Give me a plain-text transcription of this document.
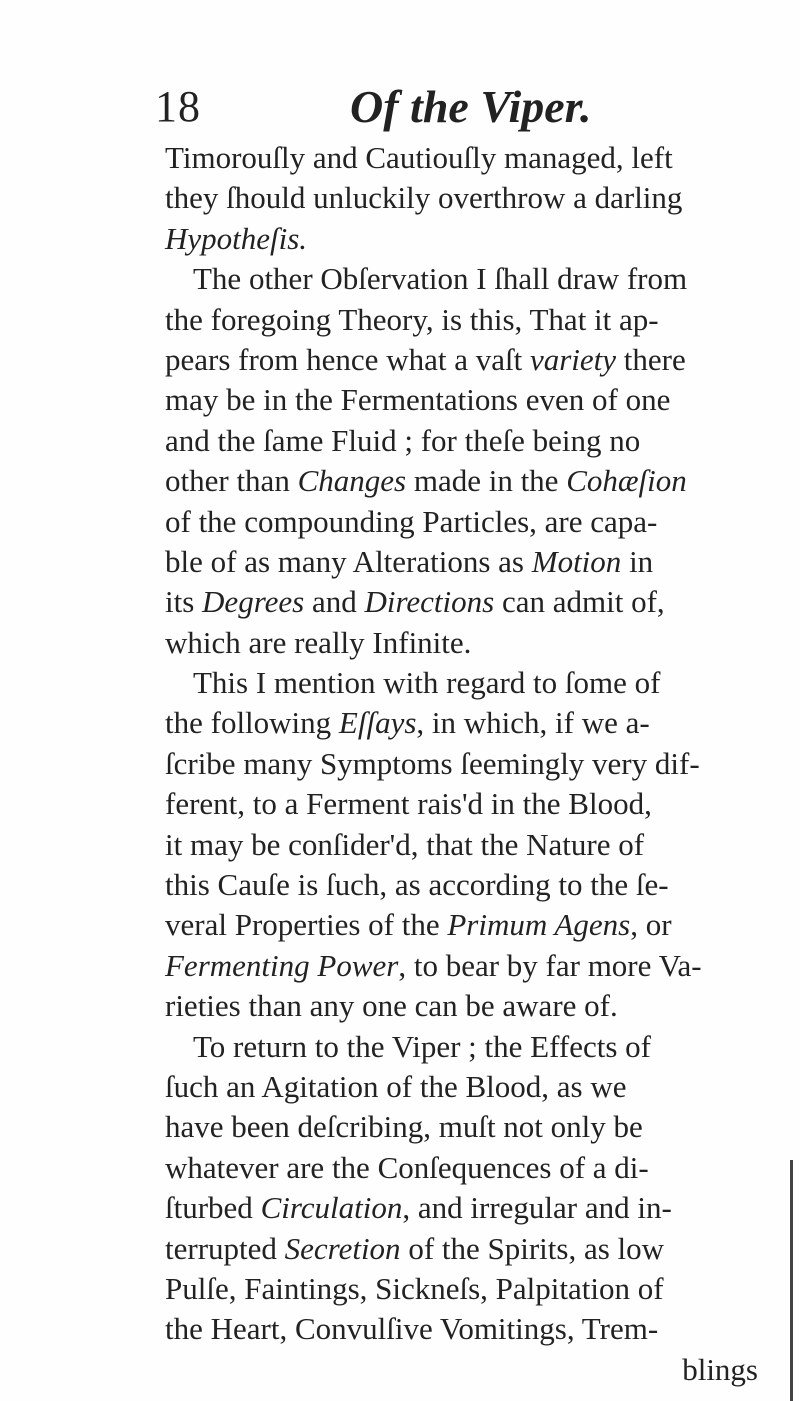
18	Of the Viper.
Timorouſly and Cautiouſly managed, left
they ſhould unluckily overthrow a darling
Hypotheſis.
The other Obſervation I ſhall draw from
the foregoing Theory, is this, That it ap-
pears from hence what a vaſt variety there
may be in the Fermentations even of one
and the ſame Fluid ; for theſe being no
other than Changes made in the Cohæſion
of the compounding Particles, are capa-
ble of as many Alterations as Motion in
its Degrees and Directions can admit of,
which are really Infinite.
This I mention with regard to ſome of
the following Eſſays, in which, if we a-
ſcribe many Symptoms ſeemingly very dif-
ferent, to a Ferment rais'd in the Blood,
it may be conſider'd, that the Nature of
this Cauſe is ſuch, as according to the ſe-
veral Properties of the Primum Agens, or
Fermenting Power, to bear by far more Va-
rieties than any one can be aware of.
To return to the Viper ; the Effects of
ſuch an Agitation of the Blood, as we
have been deſcribing, muſt not only be
whatever are the Conſequences of a di-
ſturbed Circulation, and irregular and in-
terrupted Secretion of the Spirits, as low
Pulſe, Faintings, Sickneſs, Palpitation of
the Heart, Convulſive Vomitings, Trem-
blings
